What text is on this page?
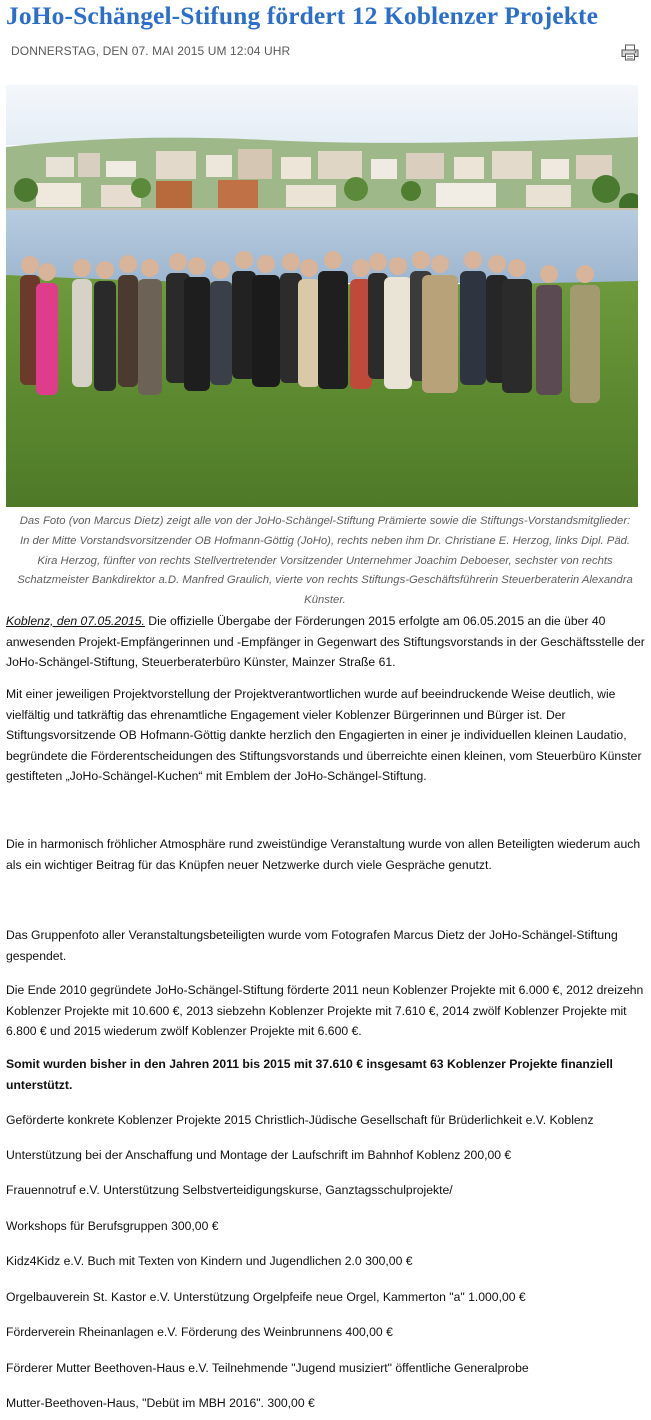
JoHo-Schängel-Stifung fördert 12 Koblenzer Projekte
DONNERSTAG, DEN 07. MAI 2015 UM 12:04 UHR
Das Foto (von Marcus Dietz) zeigt alle von der JoHo-Schängel-Stiftung Prämierte sowie die Stiftungs-Vorstandsmitglieder: In der Mitte Vorstandsvorsitzender OB Hofmann-Göttig (JoHo), rechts neben ihm Dr. Christiane E. Herzog, links Dipl. Päd. Kira Herzog, fünfter von rechts Stellvertretender Vorsitzender Unternehmer Joachim Deboeser, sechster von rechts Schatzmeister Bankdirektor a.D. Manfred Graulich, vierte von rechts Stiftungs-Geschäftsführerin Steuerberaterin Alexandra Künster.
Koblenz, den 07.05.2015. Die offizielle Übergabe der Förderungen 2015 erfolgte am 06.05.2015 an die über 40 anwesenden Projekt-Empfängerinnen und -Empfänger in Gegenwart des Stiftungsvorstands in der Geschäftsstelle der JoHo-Schängel-Stiftung, Steuerberaterbüro Künster, Mainzer Straße 61.
Mit einer jeweiligen Projektvorstellung der Projektverantwortlichen wurde auf beeindruckende Weise deutlich, wie vielfältig und tatkräftig das ehrenamtliche Engagement vieler Koblenzer Bürgerinnen und Bürger ist. Der Stiftungsvorsitzende OB Hofmann-Göttig dankte herzlich den Engagierten in einer je individuellen kleinen Laudatio, begründete die Förderentscheidungen des Stiftungsvorstands und überreichte einen kleinen, vom Steuerbüro Künster gestifteten „JoHo-Schängel-Kuchen“ mit Emblem der JoHo-Schängel-Stiftung.
Die in harmonisch fröhlicher Atmosphäre rund zweistündige Veranstaltung wurde von allen Beteiligten wiederum auch als ein wichtiger Beitrag für das Knüpfen neuer Netzwerke durch viele Gespräche genutzt.
Das Gruppenfoto aller Veranstaltungsbeteiligten wurde vom Fotografen Marcus Dietz der JoHo-Schängel-Stiftung gespendet.
Die Ende 2010 gegründete JoHo-Schängel-Stiftung förderte 2011 neun Koblenzer Projekte mit 6.000 €, 2012 dreizehn Koblenzer Projekte mit 10.600 €, 2013 siebzehn Koblenzer Projekte mit 7.610 €, 2014 zwölf Koblenzer Projekte mit 6.800 € und 2015 wiederum zwölf Koblenzer Projekte mit 6.600 €.
Somit wurden bisher in den Jahren 2011 bis 2015 mit 37.610 € insgesamt 63 Koblenzer Projekte finanziell unterstützt.
Geförderte konkrete Koblenzer Projekte 2015 Christlich-Jüdische Gesellschaft für Brüderlichkeit e.V. Koblenz
Unterstützung bei der Anschaffung und Montage der Laufschrift im Bahnhof Koblenz 200,00 €
Frauennotruf e.V. Unterstützung Selbstverteidigungskurse, Ganztagsschulprojekte/
Workshops für Berufsgruppen 300,00 €
Kidz4Kidz e.V. Buch mit Texten von Kindern und Jugendlichen 2.0 300,00 €
Orgelbauverein St. Kastor e.V. Unterstützung Orgelpfeife neue Orgel, Kammerton "a" 1.000,00 €
Förderverein Rheinanlagen e.V. Förderung des Weinbrunnens 400,00 €
Förderer Mutter Beethoven-Haus e.V. Teilnehmende "Jugend musiziert" öffentliche Generalprobe
Mutter-Beethoven-Haus, "Debüt im MBH 2016". 300,00 €
